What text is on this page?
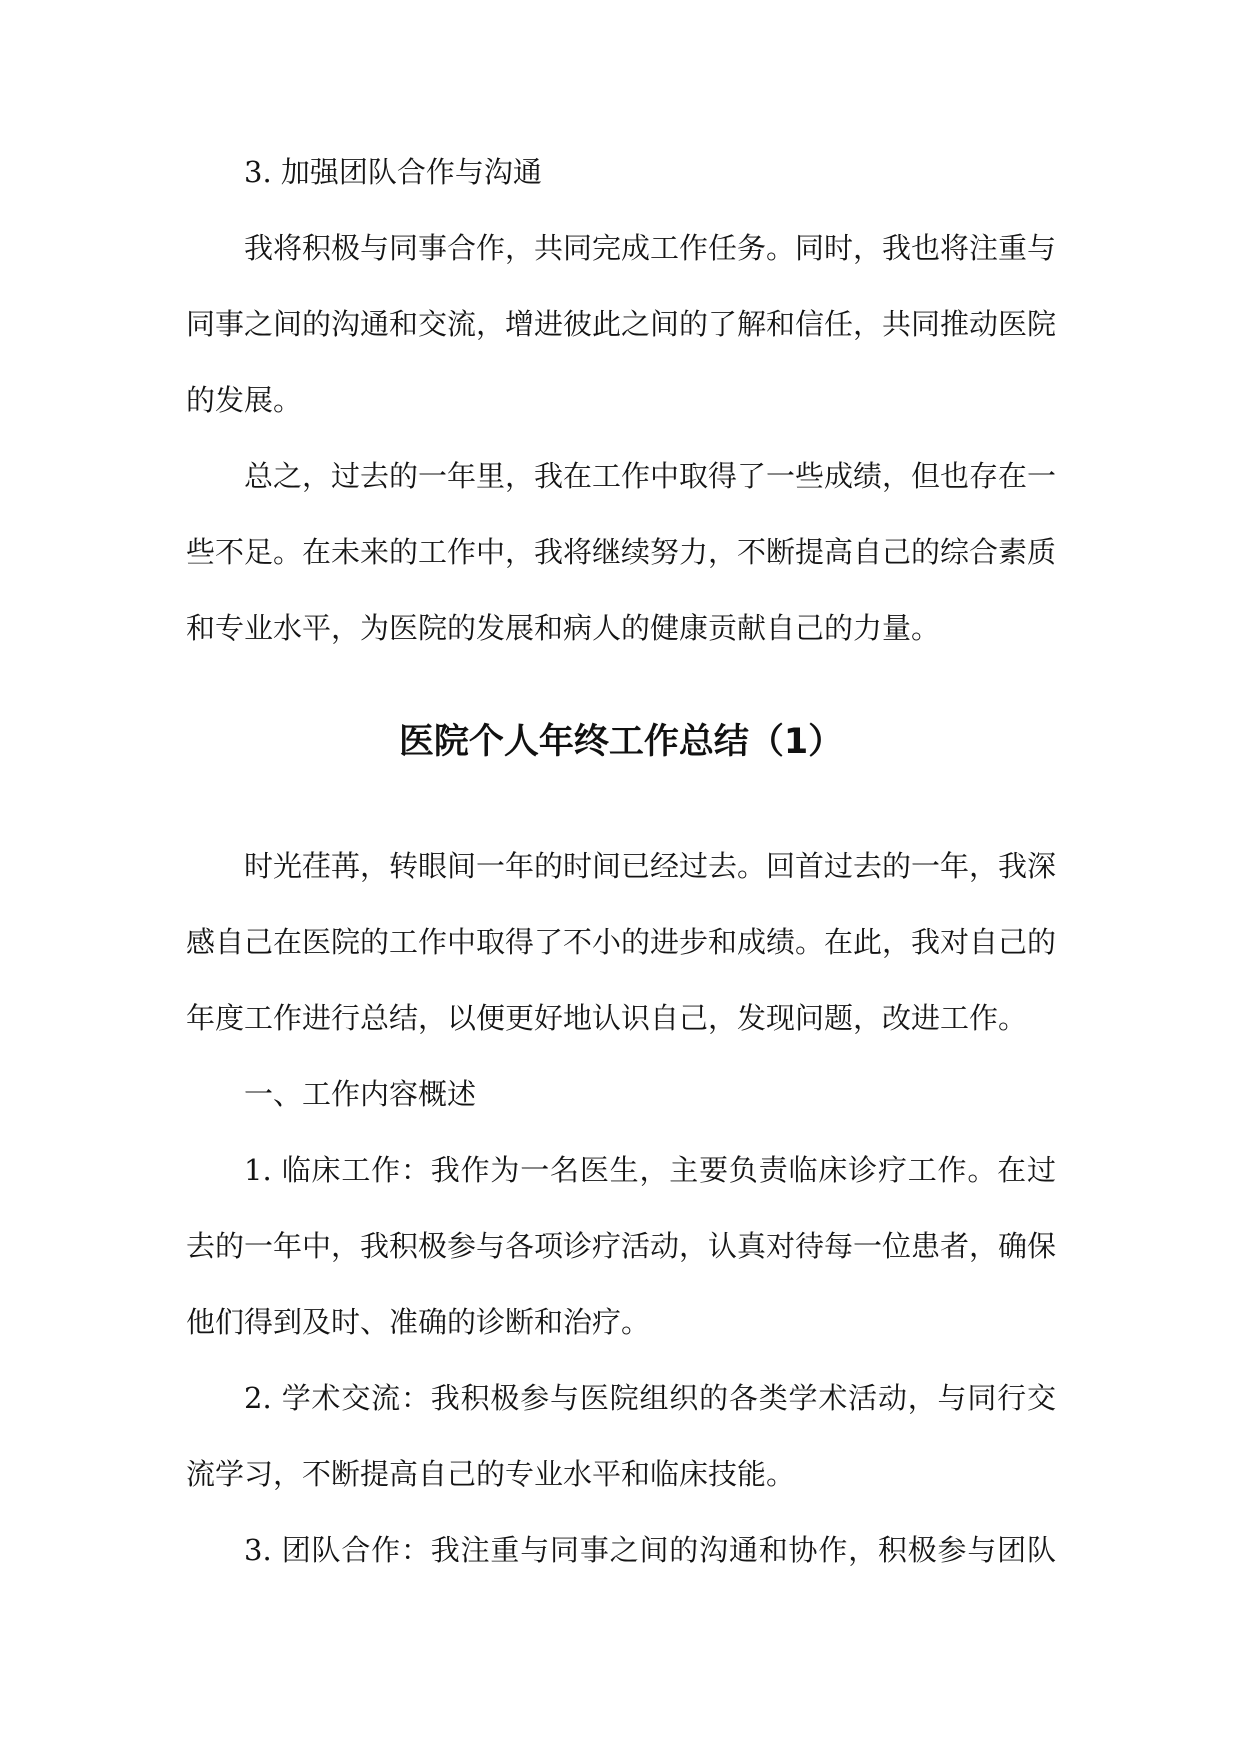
3. 加强团队合作与沟通
我将积极与同事合作，共同完成工作任务。同时，我也将注重与
同事之间的沟通和交流，增进彼此之间的了解和信任，共同推动医院
的发展。
总之，过去的一年里，我在工作中取得了一些成绩，但也存在一
些不足。在未来的工作中，我将继续努力，不断提高自己的综合素质
和专业水平，为医院的发展和病人的健康贡献自己的力量。
医院个人年终工作总结（1）
时光荏苒，转眼间一年的时间已经过去。回首过去的一年，我深
感自己在医院的工作中取得了不小的进步和成绩。在此，我对自己的
年度工作进行总结，以便更好地认识自己，发现问题，改进工作。
一、工作内容概述
1. 临床工作：我作为一名医生，主要负责临床诊疗工作。在过
去的一年中，我积极参与各项诊疗活动，认真对待每一位患者，确保
他们得到及时、准确的诊断和治疗。
2. 学术交流：我积极参与医院组织的各类学术活动，与同行交
流学习，不断提高自己的专业水平和临床技能。
3. 团队合作：我注重与同事之间的沟通和协作，积极参与团队
